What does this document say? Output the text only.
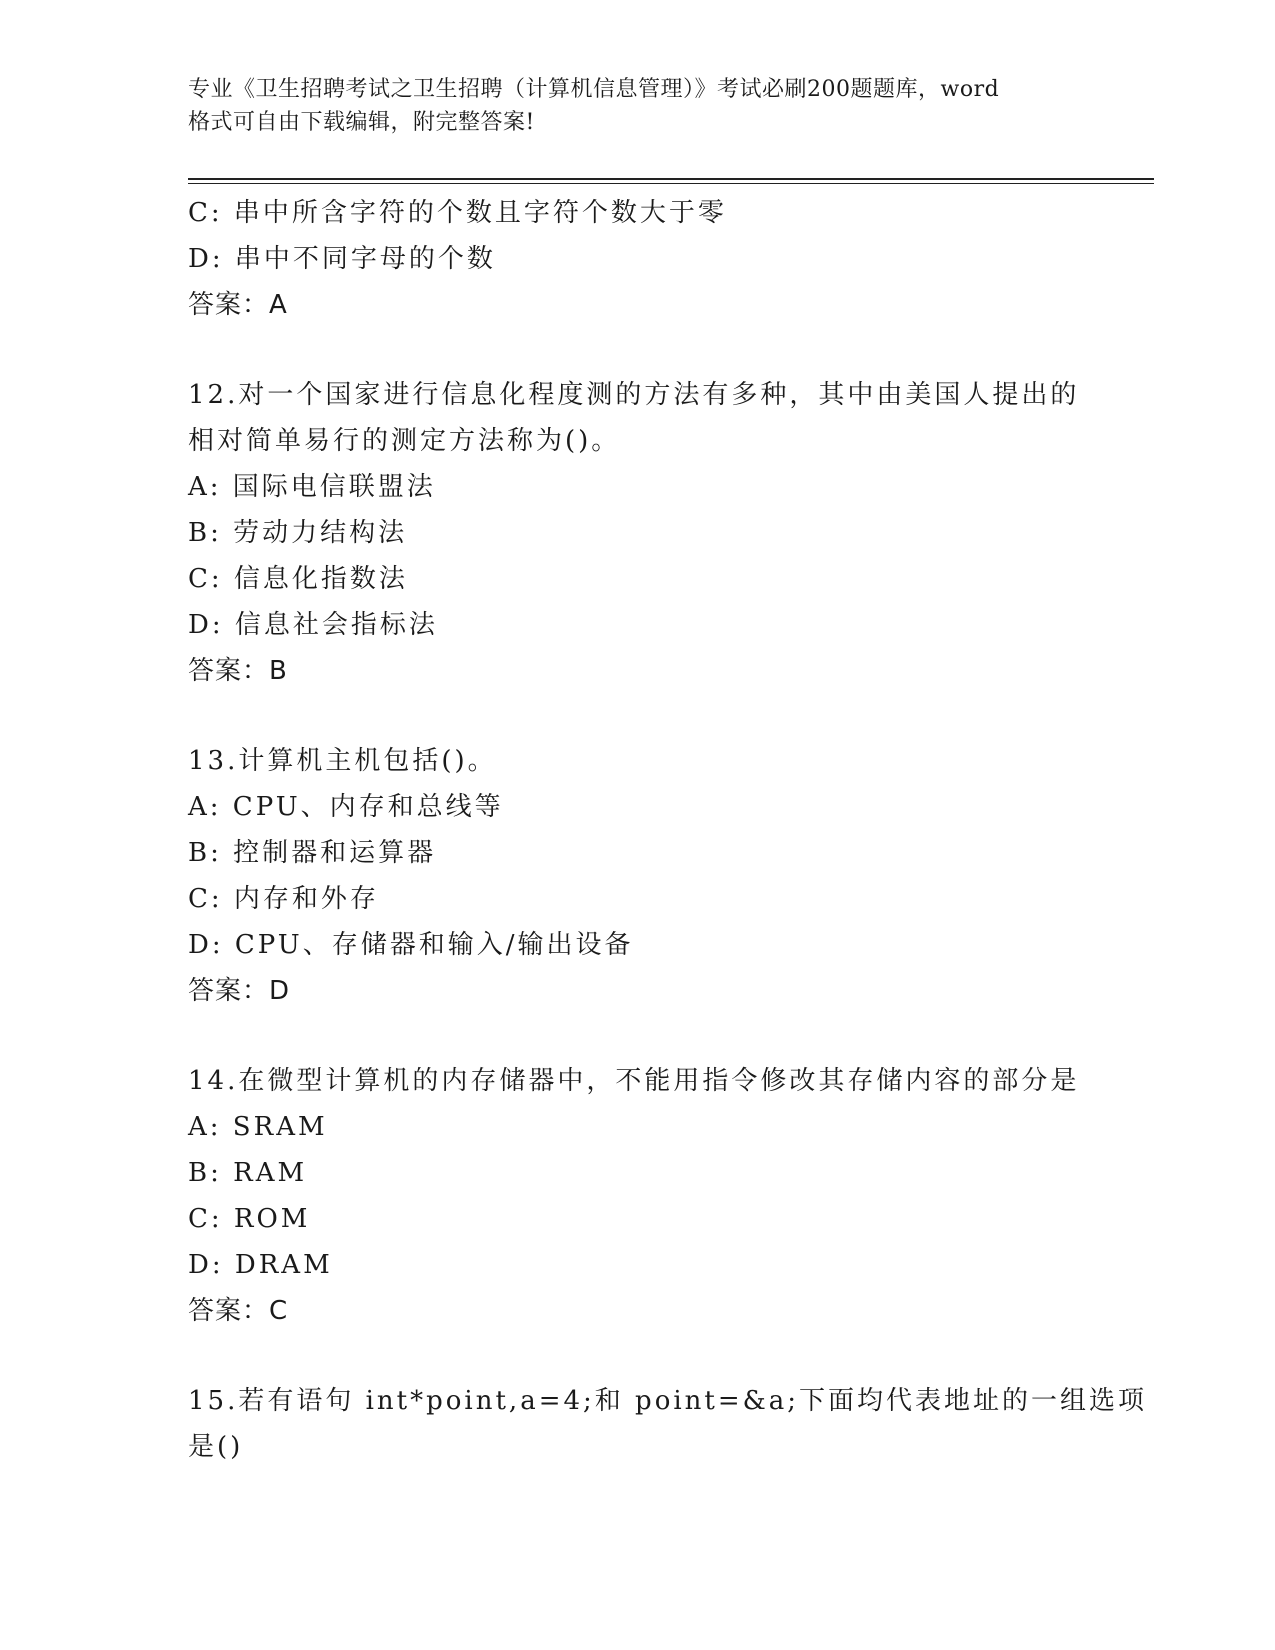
专业《卫生招聘考试之卫生招聘（计算机信息管理）》考试必刷200题题库，word
格式可自由下载编辑，附完整答案!
C: 串中所含字符的个数且字符个数大于零
D: 串中不同字母的个数
答案：A
12.对一个国家进行信息化程度测的方法有多种，其中由美国人提出的
相对简单易行的测定方法称为()。
A: 国际电信联盟法
B: 劳动力结构法
C: 信息化指数法
D: 信息社会指标法
答案：B
13.计算机主机包括()。
A: CPU、内存和总线等
B: 控制器和运算器
C: 内存和外存
D: CPU、存储器和输入/输出设备
答案：D
14.在微型计算机的内存储器中，不能用指令修改其存储内容的部分是
A: SRAM
B: RAM
C: ROM
D: DRAM
答案：C
15.若有语句 int*point,a=4;和 point=&a;下面均代表地址的一组选项
是()
